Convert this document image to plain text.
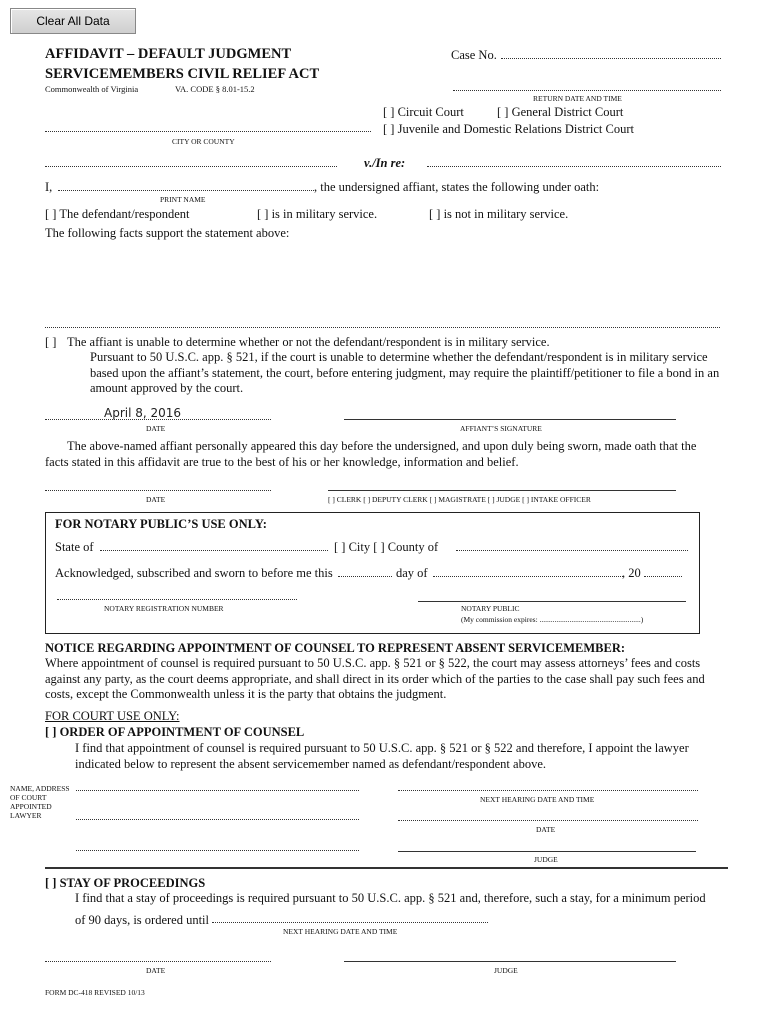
Clear All Data
AFFIDAVIT – DEFAULT JUDGMENT
SERVICEMEMBERS CIVIL RELIEF ACT
Commonwealth of Virginia	VA. CODE § 8.01-15.2
Case No.
RETURN DATE AND TIME
[ ] Circuit Court	[ ] General District Court
[ ] Juvenile and Domestic Relations District Court
CITY OR COUNTY
v./In re:
I,	, the undersigned affiant, states the following under oath:
PRINT NAME
[ ] The defendant/respondent	[ ] is in military service.	[ ] is not in military service.
The following facts support the statement above:
[ ] The affiant is unable to determine whether or not the defendant/respondent is in military service.
Pursuant to 50 U.S.C. app. § 521, if the court is unable to determine whether the defendant/respondent is in military service based upon the affiant’s statement, the court, before entering judgment, may require the plaintiff/petitioner to file a bond in an amount approved by the court.
April 8, 2016
DATE	AFFIANT’S SIGNATURE
The above-named affiant personally appeared this day before the undersigned, and upon duly being sworn, made oath that the facts stated in this affidavit are true to the best of his or her knowledge, information and belief.
DATE	[ ] CLERK [ ] DEPUTY CLERK [ ] MAGISTRATE [ ] JUDGE [ ] INTAKE OFFICER
FOR NOTARY PUBLIC’S USE ONLY:
State of	[ ] City [ ] County of
Acknowledged, subscribed and sworn to before me this	day of	, 20
NOTARY REGISTRATION NUMBER	NOTARY PUBLIC
(My commission expires: ......................................................)
NOTICE REGARDING APPOINTMENT OF COUNSEL TO REPRESENT ABSENT SERVICEMEMBER:
Where appointment of counsel is required pursuant to 50 U.S.C. app. § 521 or § 522, the court may assess attorneys’ fees and costs against any party, as the court deems appropriate, and shall direct in its order which of the parties to the case shall pay such fees and costs, except the Commonwealth unless it is the party that obtains the judgment.
FOR COURT USE ONLY:
[ ] ORDER OF APPOINTMENT OF COUNSEL
I find that appointment of counsel is required pursuant to 50 U.S.C. app. § 521 or § 522 and therefore, I appoint the lawyer indicated below to represent the absent servicemember named as defendant/respondent above.
NAME, ADDRESS OF COURT APPOINTED LAWYER
NEXT HEARING DATE AND TIME
DATE
JUDGE
[ ] STAY OF PROCEEDINGS
I find that a stay of proceedings is required pursuant to 50 U.S.C. app. § 521 and, therefore, such a stay, for a minimum period
of 90 days, is ordered until
NEXT HEARING DATE AND TIME
DATE	JUDGE
FORM DC-418 REVISED 10/13
